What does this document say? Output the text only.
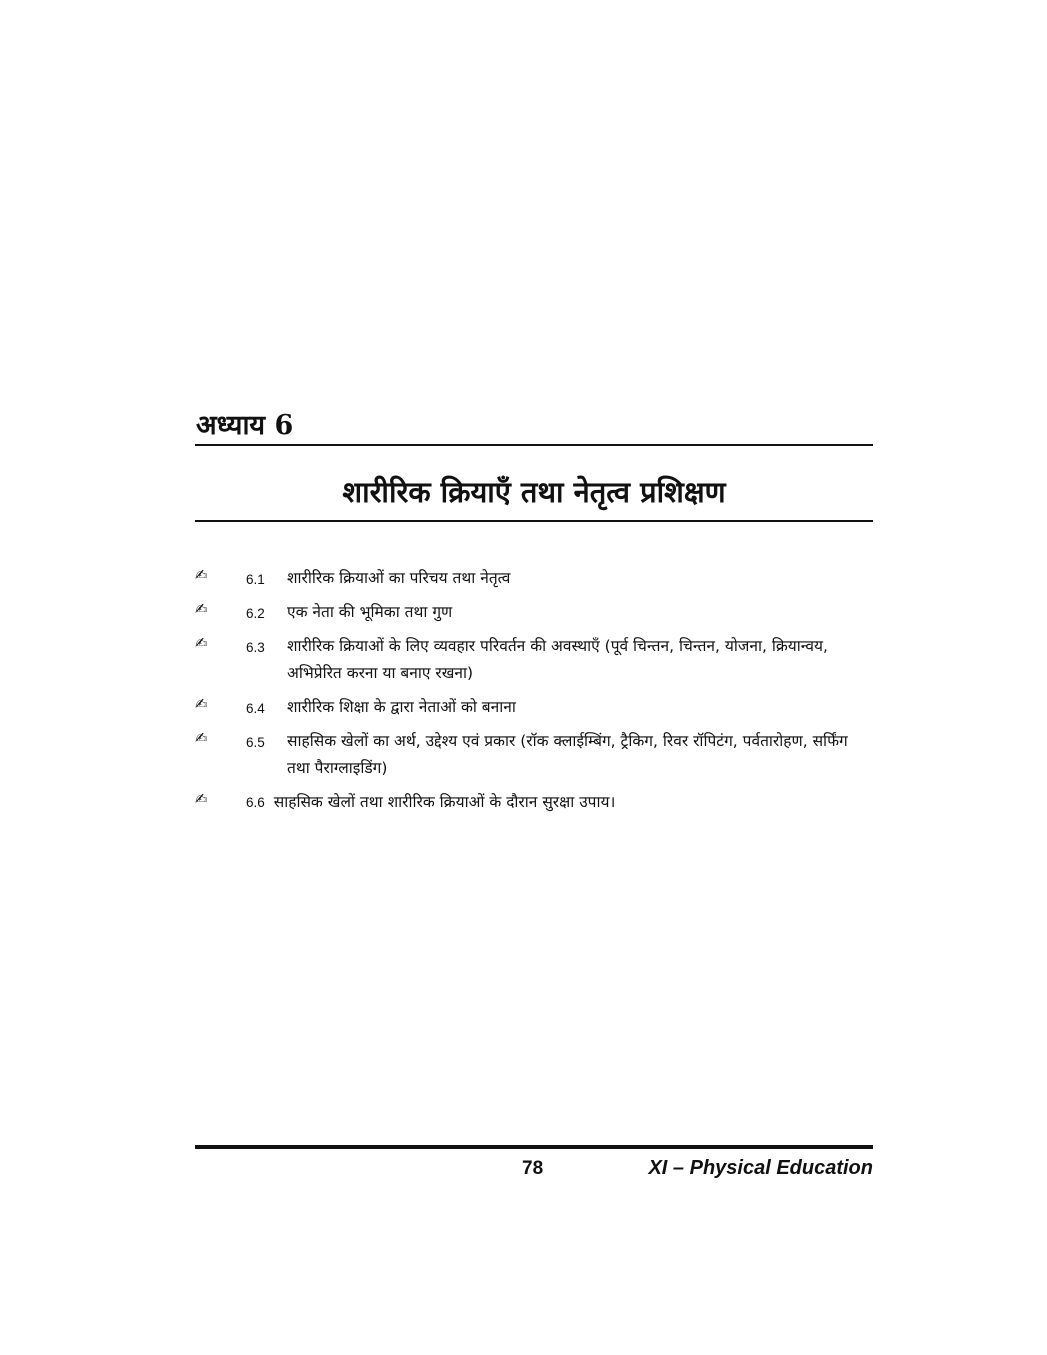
अध्याय 6
शारीरिक क्रियाएँ तथा नेतृत्व प्रशिक्षण
✍	6.1 शारीरिक क्रियाओं का परिचय तथा नेतृत्व
✍	6.2 एक नेता की भूमिका तथा गुण
✍	6.3 शारीरिक क्रियाओं के लिए व्यवहार परिवर्तन की अवस्थाएँ (पूर्व चिन्तन, चिन्तन, योजना, क्रियान्वय, अभिप्रेरित करना या बनाए रखना)
✍	6.4 शारीरिक शिक्षा के द्वारा नेताओं को बनाना
✍	6.5 साहसिक खेलों का अर्थ, उद्देश्य एवं प्रकार (रॉक क्लाईम्बिंग, ट्रैकिग, रिवर रॉपिटंग, पर्वतारोहण, सर्फिंग तथा पैराग्लाइडिंग)
✍	6.6 साहसिक खेलों तथा शारीरिक क्रियाओं के दौरान सुरक्षा उपाय।
78	XI – Physical Education
